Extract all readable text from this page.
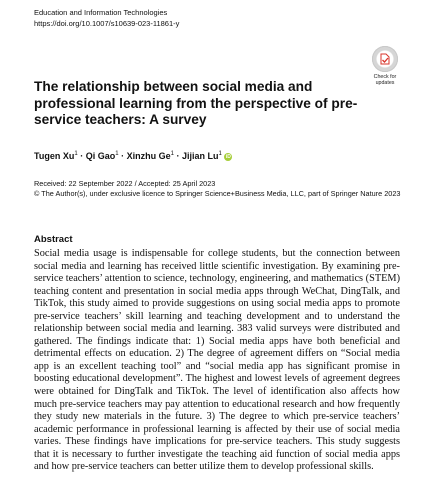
Education and Information Technologies
https://doi.org/10.1007/s10639-023-11861-y
Check for updates
The relationship between social media and professional learning from the perspective of pre-service teachers: A survey
Tugen $Xu^1 \cdot Qi$ Gao$^1$ · Xinzhu $Ge^1$ · Jijian Lu$^1$ iD
Received: 22 September 2022 / Accepted: 25 April 2023
© The Author(s), under exclusive licence to Springer Science+Business Media, LLC, part of Springer Nature 2023
Abstract

Social media usage is indispensable for college students, but the connection between social media and learning has received little scientific investigation. By examining pre-service teachers’ attention to science, technology, engineering, and mathematics (STEM) teaching content and presentation in social media apps through WeChat, DingTalk, and TikTok, this study aimed to provide suggestions on using social media apps to promote pre-service teachers’ skill learning and teaching development and to understand the relationship between social media and learning. 383 valid surveys were distributed and gathered. The findings indicate that: 1) Social media apps have both beneficial and detrimental effects on education. 2) The degree of agreement differs on “Social media app is an excellent teaching tool” and “social media app has significant promise in boosting educational development”. The highest and lowest levels of agreement degrees were obtained for DingTalk and TikTok. The level of identification also affects how much pre-service teachers may pay attention to educational research and how frequently they study new materials in the future. 3) The degree to which pre-service teachers’ academic performance in professional learning is affected by their use of social media varies. These findings have implications for pre-service teachers. This study suggests that it is necessary to further investigate the teaching aid function of social media apps and how pre-service teachers can better utilize them to develop professional skills.
